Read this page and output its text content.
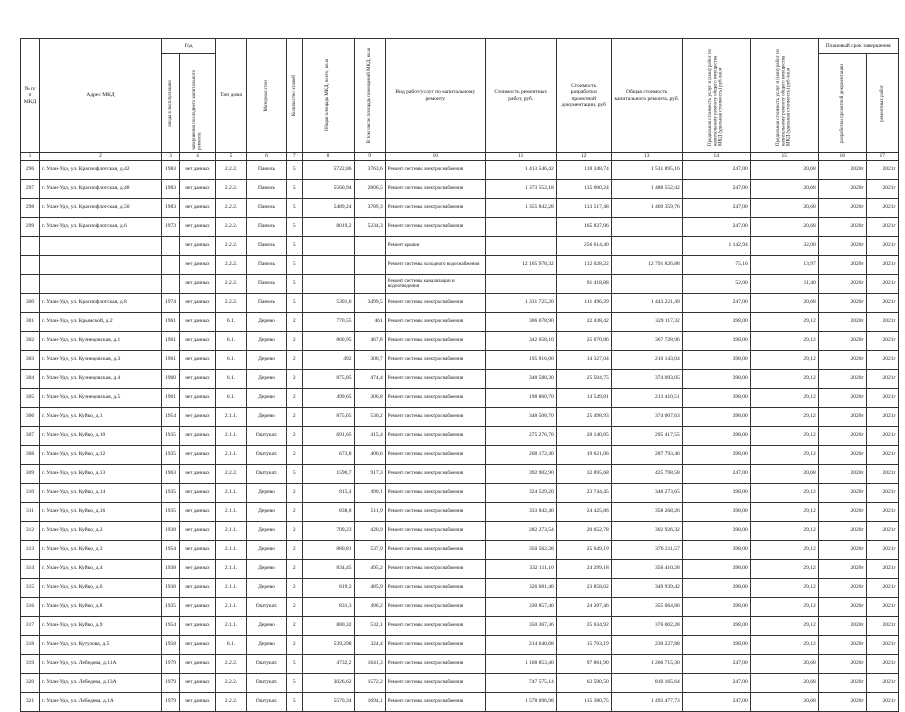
№ п/п МКД	Адрес МКД	Год		Тип дома	Материал стен	Количество этажей	Общая площадь МКД, всего, кв.м	В том числе площадь помещений МКД, кв.м	Вид работ/услуг по капитальному ремонту	Стоимость ремонтных работ, руб.	Стоимость разработки проектной документации, руб	Общая стоимость капитального ремонта, руб.	Предельная стоимость услуг и (или) работ по капитальному ремонту общего имущества МКД (удельная стоимость) руб./кв.м	Предельная стоимость услуг и (или) работ по капитальному ремонту общего имущества МКД (удельная стоимость) руб./кв.м	Плановый срок завершения	

		ввода в эксплуатацию	завершения последнего капитального ремонта												разработки проектной документации	ремонтных работ

1	2	3	4	5	6	7	8	9	10	11	12	13	14	15	16	17
296	г. Улан-Удэ, ул. Краснофлотская, д.42	1983	нет данных	2.2.2.	Панель	5	5722,86	3763,6	Ремонт системы электроснабжения	1 413 546,42	118 348,74	1 531 895,16	247,00	20,68	2020г	2021г
297	г. Улан-Удэ, ул. Краснофлотская, д.48	1983	нет данных	2.2.2.	Панель	5	5560,94	2806,5	Ремонт системы электроснабжения	1 373 552,18	115 000,24	1 488 552,42	247,00	20,68	2020г	2021г
298	г. Улан-Удэ, ул. Краснофлотская, д.50	1983	нет данных	2.2.2.	Панель	5	5489,24	3789,3	Ремонт системы электроснабжения	1 355 842,28	113 517,48	1 469 359,76	247,00	20,68	2020г	2021г
299	г. Улан-Удэ, ул. Краснофлотская, д.6	1973	нет данных	2.2.2.	Панель	5	8019,2	5234,3	Ремонт системы электроснабжения		165 837,06		247,00	20,68	2020г	2021г
			нет данных	2.2.2.	Панель	5			Ремонт крыши		256 614,40		1 142,94	32,00	2020г	2021г
			нет данных	2.2.2.	Панель	5			Ремонт системы холодного водоснабжения	12 165 978,32	112 028,22	12 791 826,88	75,16	13,97	2020г	2021г
			нет данных	2.2.2.	Панель	5			Ремонт системы канализации и водоотведения		91 418,88		52,00	11,40	2020г	2021г
300	г. Улан-Удэ, ул. Краснофлотская, д.8	1974	нет данных	2.2.2.	Панель	5	5391,6	3499,5	Ремонт системы электроснабжения	1 331 725,20	111 496,29	1 443 221,49	247,00	20,68	2020г	2021г
301	г. Улан-Удэ, ул. Крымской, д.2	1961	нет данных	6.1.	Дерево	2	770,55	461	Ремонт системы электроснабжения	306 678,90	22 438,42	329 117,32	398,00	29,12	2020г	2021г
302	г. Улан-Удэ, ул. Кузнецовская, д.1	1961	нет данных	6.1.	Дерево	2	860,95	467,8	Ремонт системы электроснабжения	342 658,10	25 070,86	367 728,96	398,00	29,12	2020г	2021г
303	г. Улан-Удэ, ул. Кузнецовская, д.3	1961	нет данных	6.1.	Дерево	2	492	300,7	Ремонт системы электроснабжения	195 816,00	14 327,04	210 143,04	398,00	29,12	2020г	2021г
304	г. Улан-Удэ, ул. Кузнецовская, д.4	1960	нет данных	6.1.	Дерево	2	875,85	474,4	Ремонт системы электроснабжения	348 588,30	25 504,75	374 093,05	398,00	29,12	2020г	2021г
305	г. Улан-Удэ, ул. Кузнецовская, д.5	1961	нет данных	6.1.	Дерево	2	499,65	306,8	Ремонт системы электроснабжения	198 860,70	14 549,81	213 410,51	398,00	29,12	2020г	2021г
306	г. Улан-Удэ, ул. Куйко, д.1	1954	нет данных	2.1.1.	Дерево	2	875,65	530,2	Ремонт системы электроснабжения	348 508,70	25 498,93	374 007,63	398,00	29,12	2020г	2021г
307	г. Улан-Удэ, ул. Куйко, д.10	1935	нет данных	2.1.1.	Оштукат.	2	691,65	415,4	Ремонт системы электроснабжения	275 276,70	20 140,85	295 417,55	398,00	29,12	2020г	2021г
308	г. Улан-Удэ, ул. Куйко, д.12	1935	нет данных	2.1.1.	Оштукат.	2	673,8	400,6	Ремонт системы электроснабжения	268 172,40	19 621,06	287 793,46	398,00	29,12	2020г	2021г
309	г. Улан-Удэ, ул. Куйко, д.13	1963	нет данных	2.2.2.	Оштукат.	5	1590,7	917,3	Ремонт системы электроснабжения	392 902,90	32 895,68	425 798,58	247,00	20,68	2020г	2021г
310	г. Улан-Удэ, ул. Куйко, д.14	1935	нет данных	2.1.1.	Дерево	2	815,4	490,1	Ремонт системы электроснабжения	324 529,20	23 744,45	348 273,65	398,00	29,12	2020г	2021г
311	г. Улан-Удэ, ул. Куйко, д.16	1935	нет данных	2.1.1.	Дерево	2	838,8	511,9	Ремонт системы электроснабжения	333 842,40	24 425,86	358 268,26	398,00	29,12	2020г	2021г
312	г. Улан-Удэ, ул. Куйко, д.2	1938	нет данных	2.1.1.	Дерево	2	709,23	420,9	Ремонт системы электроснабжения	282 273,54	20 652,78	302 926,32	398,00	29,12	2020г	2021г
313	г. Улан-Удэ, ул. Куйко, д.3	1954	нет данных	2.1.1.	Дерево	2	880,81	537,9	Ремонт системы электроснабжения	350 562,38	25 649,19	376 211,57	398,00	29,12	2020г	2021г
314	г. Улан-Удэ, ул. Куйко, д.4	1938	нет данных	2.1.1.	Дерево	2	834,45	495,2	Ремонт системы электроснабжения	332 111,10	24 299,18	356 410,28	398,00	29,12	2020г	2021г
315	г. Улан-Удэ, ул. Куйко, д.6	1938	нет данных	2.1.1.	Дерево	2	819,3	485,9	Ремонт системы электроснабжения	326 081,40	23 858,02	349 939,42	398,00	29,12	2020г	2021г
316	г. Улан-Удэ, ул. Куйко, д.8	1935	нет данных	2.1.1.	Оштукат.	2	831,3	496,2	Ремонт системы электроснабжения	330 857,40	24 207,46	355 064,86	398,00	29,12	2020г	2021г
317	г. Улан-Удэ, ул. Куйко, д.9	1954	нет данных	2.1.1.	Дерево	2	880,32	532,1	Ремонт системы электроснабжения	350 367,36	25 634,92	376 002,28	398,00	29,12	2020г	2021г
318	г. Улан-Удэ, ул. Кутузова, д.5	1958	нет данных	6.1.	Дерево	2	539,298	324,4	Ремонт системы электроснабжения	214 640,68	15 703,19	230 227,88	398,00	29,12	2020г	2021г
319	г. Улан-Удэ, ул. Лебедева, д.11А	1979	нет данных	2.2.2.	Оштукат.	5	4732,2	1641,3	Ремонт системы электроснабжения	1 168 853,40	97 861,90	1 266 715,30	247,00	20,68	2020г	2021г
320	г. Улан-Удэ, ул. Лебедева, д.13А	1979	нет данных	2.2.2.	Оштукат.	5	3026,62	1572,2	Ремонт системы электроснабжения	747 575,14	62 590,50	810 165,64	247,00	20,68	2020г	2021г
321	г. Улан-Удэ, ул. Лебедева, д.1А	1979	нет данных	2.2.2.	Оштукат.	5	5570,34	1694,1	Ремонт системы электроснабжения	1 578 096,98	115 380,75	1 493 477,73	247,00	20,68	2020г	2021г
